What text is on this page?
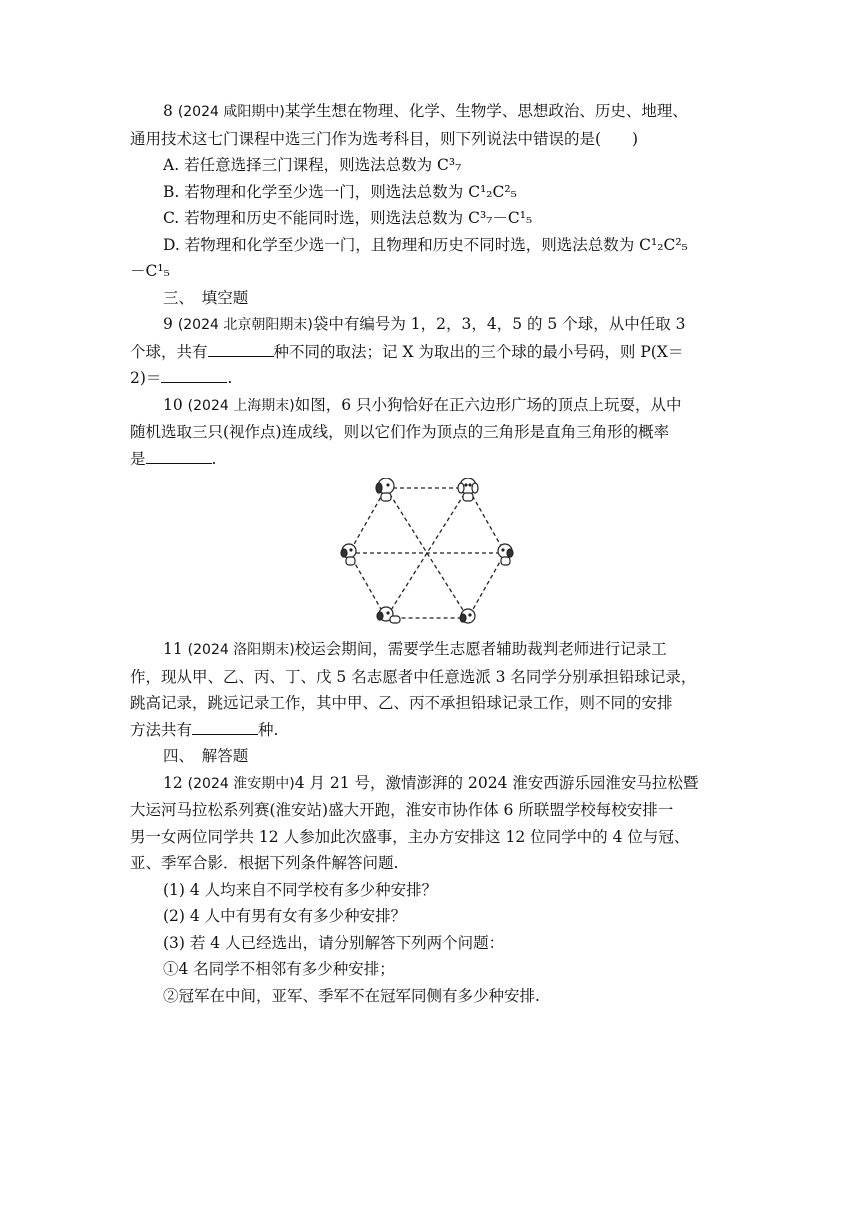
8 (2024 咸阳期中)某学生想在物理、化学、生物学、思想政治、历史、地理、

通用技术这七门课程中选三门作为选考科目，则下列说法中错误的是(　　)

A. 若任意选择三门课程，则选法总数为 C³₇

B. 若物理和化学至少选一门，则选法总数为 C¹₂C²₅

C. 若物理和历史不能同时选，则选法总数为 C³₇－C¹₅

D. 若物理和化学至少选一门，且物理和历史不同时选，则选法总数为 C¹₂C²₅

－C¹₅

三、　填空题

9 (2024 北京朝阳期末)袋中有编号为 1，2，3，4，5 的 5 个球，从中任取 3

个球，共有	种不同的取法；记 X 为取出的三个球的最小号码，则 P(X＝

2)＝	.

10 (2024 上海期末)如图，6 只小狗恰好在正六边形广场的顶点上玩耍，从中

随机选取三只(视作点)连成线，则以它们作为顶点的三角形是直角三角形的概率

是	.

11 (2024 洛阳期末)校运会期间，需要学生志愿者辅助裁判老师进行记录工

作，现从甲、乙、丙、丁、戊 5 名志愿者中任意选派 3 名同学分别承担铅球记录，

跳高记录，跳远记录工作，其中甲、乙、丙不承担铅球记录工作，则不同的安排

方法共有	种.

四、　解答题

12 (2024 淮安期中)4 月 21 号，激情澎湃的 2024 淮安西游乐园淮安马拉松暨

大运河马拉松系列赛(淮安站)盛大开跑，淮安市协作体 6 所联盟学校每校安排一

男一女两位同学共 12 人参加此次盛事，主办方安排这 12 位同学中的 4 位与冠、

亚、季军合影．根据下列条件解答问题.

(1) 4 人均来自不同学校有多少种安排？

(2) 4 人中有男有女有多少种安排？

(3) 若 4 人已经选出，请分别解答下列两个问题：

①4 名同学不相邻有多少种安排；

②冠军在中间，亚军、季军不在冠军同侧有多少种安排.
